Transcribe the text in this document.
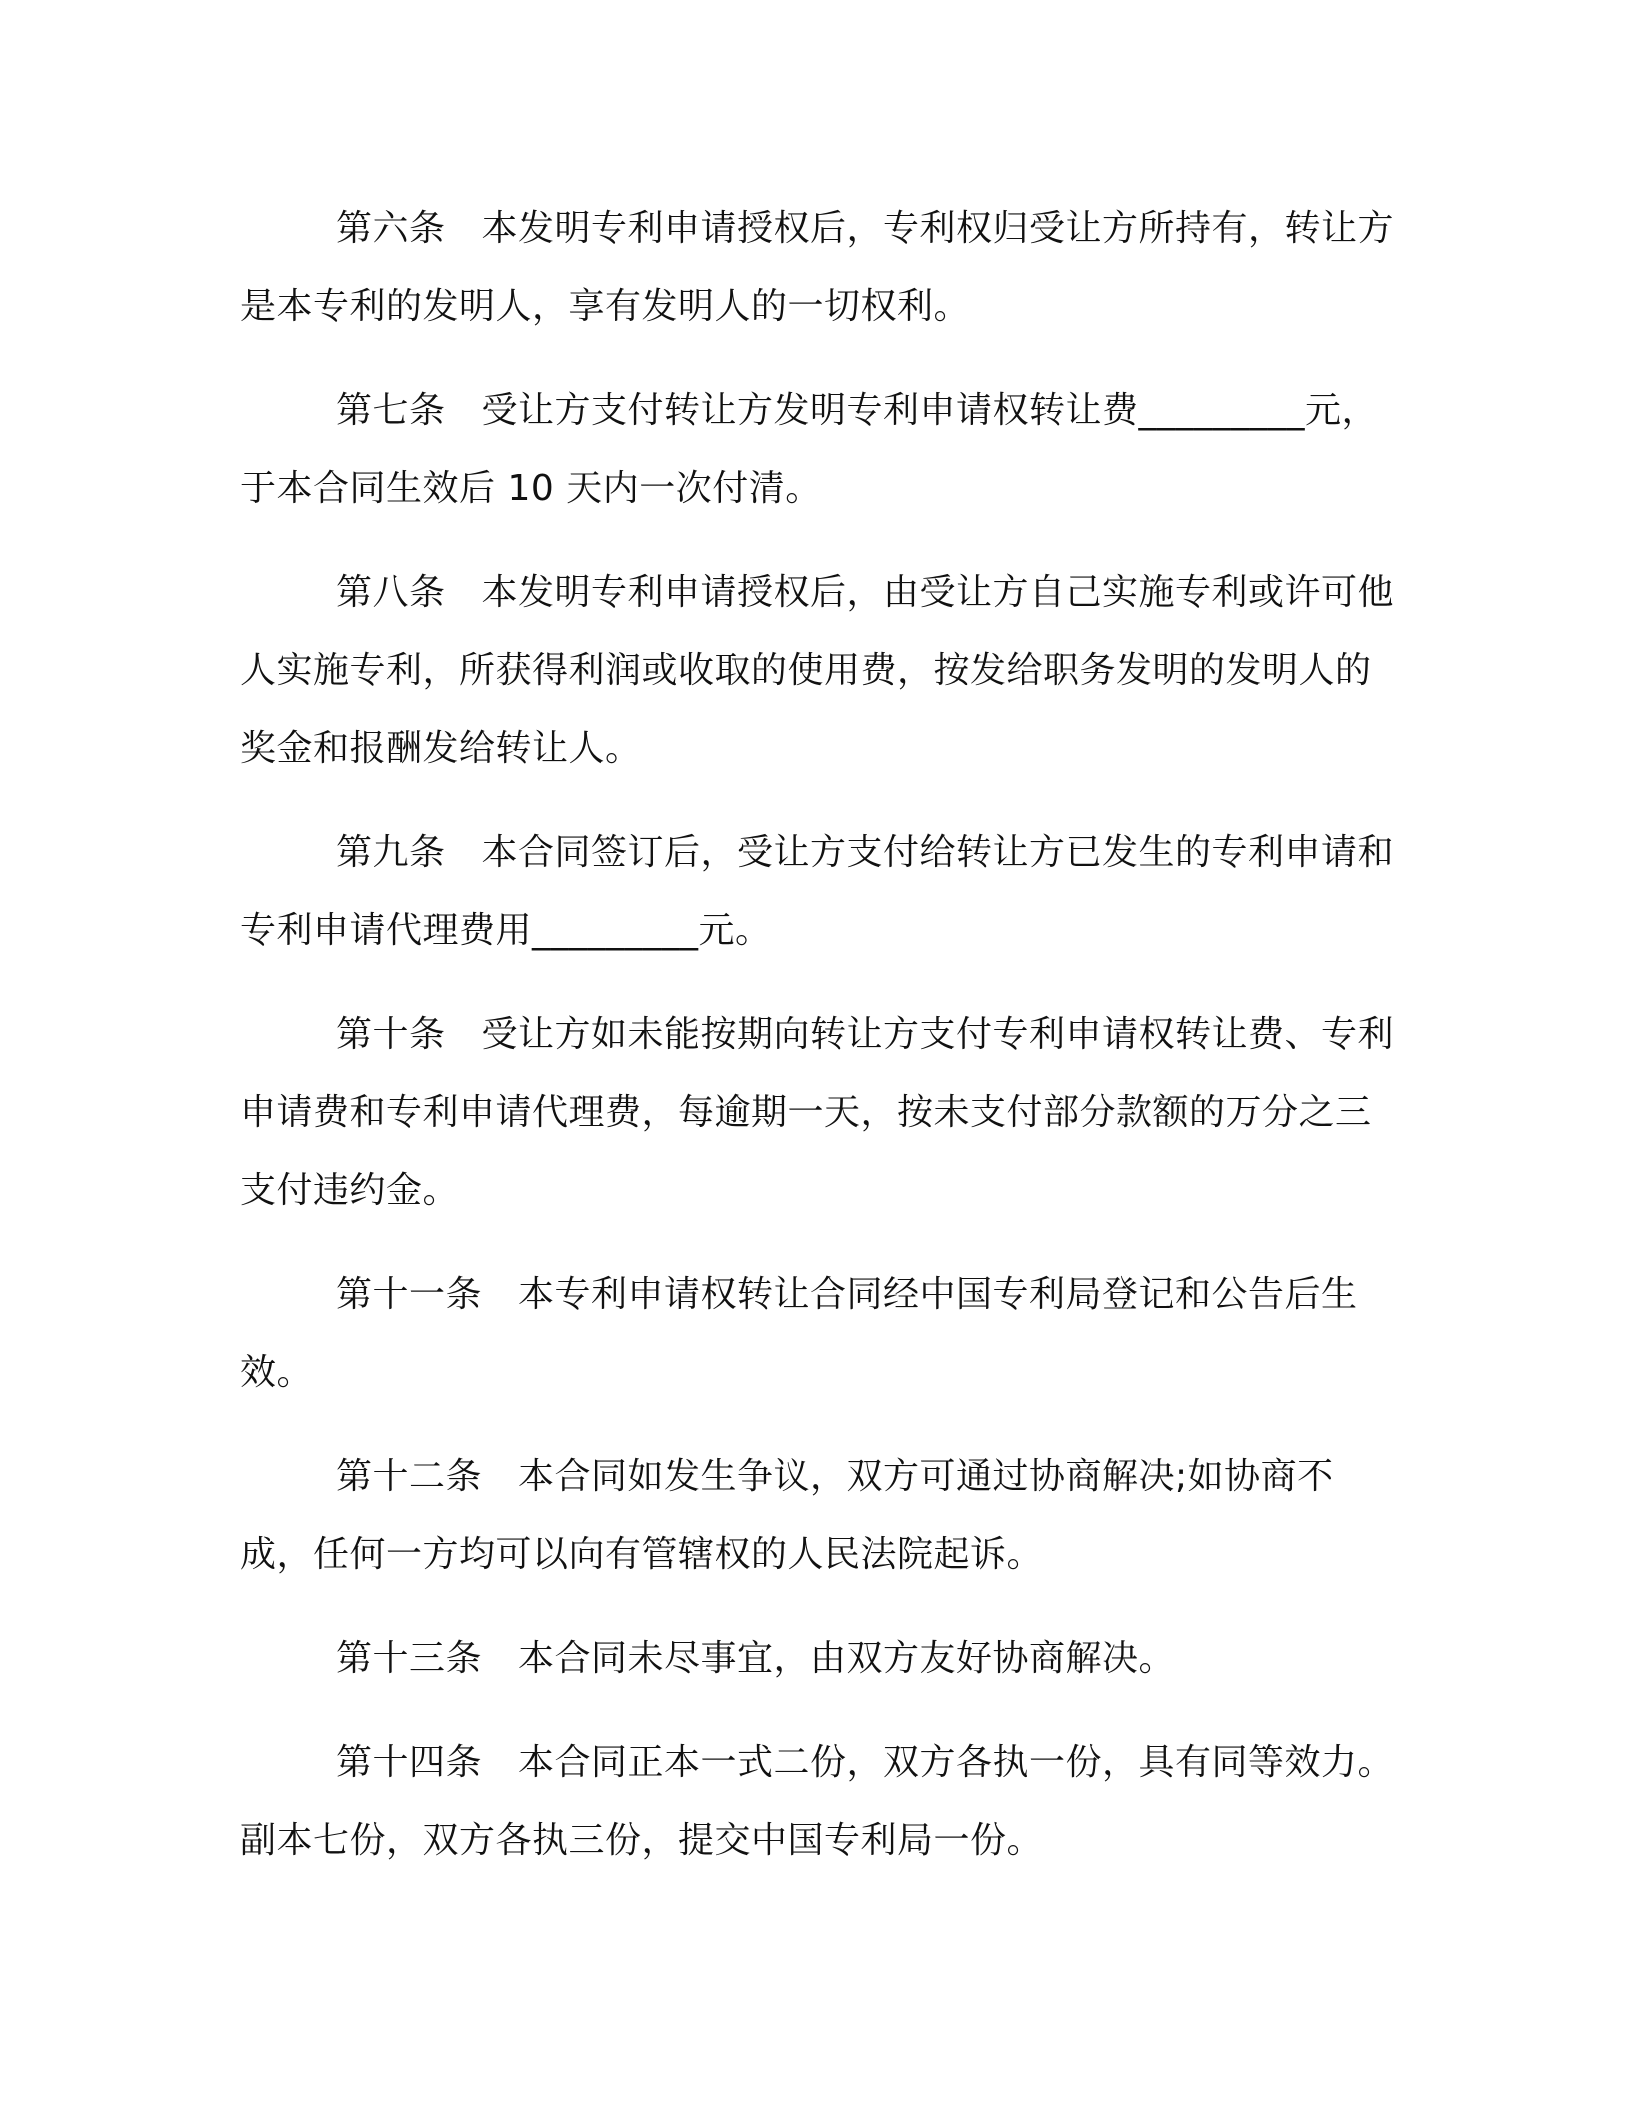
第六条 本发明专利申请授权后，专利权归受让方所持有，转让方是本专利的发明人，享有发明人的一切权利。

第七条 受让方支付转让方发明专利申请权转让费_________元，于本合同生效后 10 天内一次付清。

第八条 本发明专利申请授权后，由受让方自己实施专利或许可他人实施专利，所获得利润或收取的使用费，按发给职务发明的发明人的奖金和报酬发给转让人。

第九条 本合同签订后，受让方支付给转让方已发生的专利申请和专利申请代理费用_________元。

第十条 受让方如未能按期向转让方支付专利申请权转让费、专利申请费和专利申请代理费，每逾期一天，按未支付部分款额的万分之三支付违约金。

第十一条 本专利申请权转让合同经中国专利局登记和公告后生效。

第十二条 本合同如发生争议，双方可通过协商解决;如协商不成，任何一方均可以向有管辖权的人民法院起诉。

第十三条 本合同未尽事宜，由双方友好协商解决。

第十四条 本合同正本一式二份，双方各执一份，具有同等效力。副本七份，双方各执三份，提交中国专利局一份。
